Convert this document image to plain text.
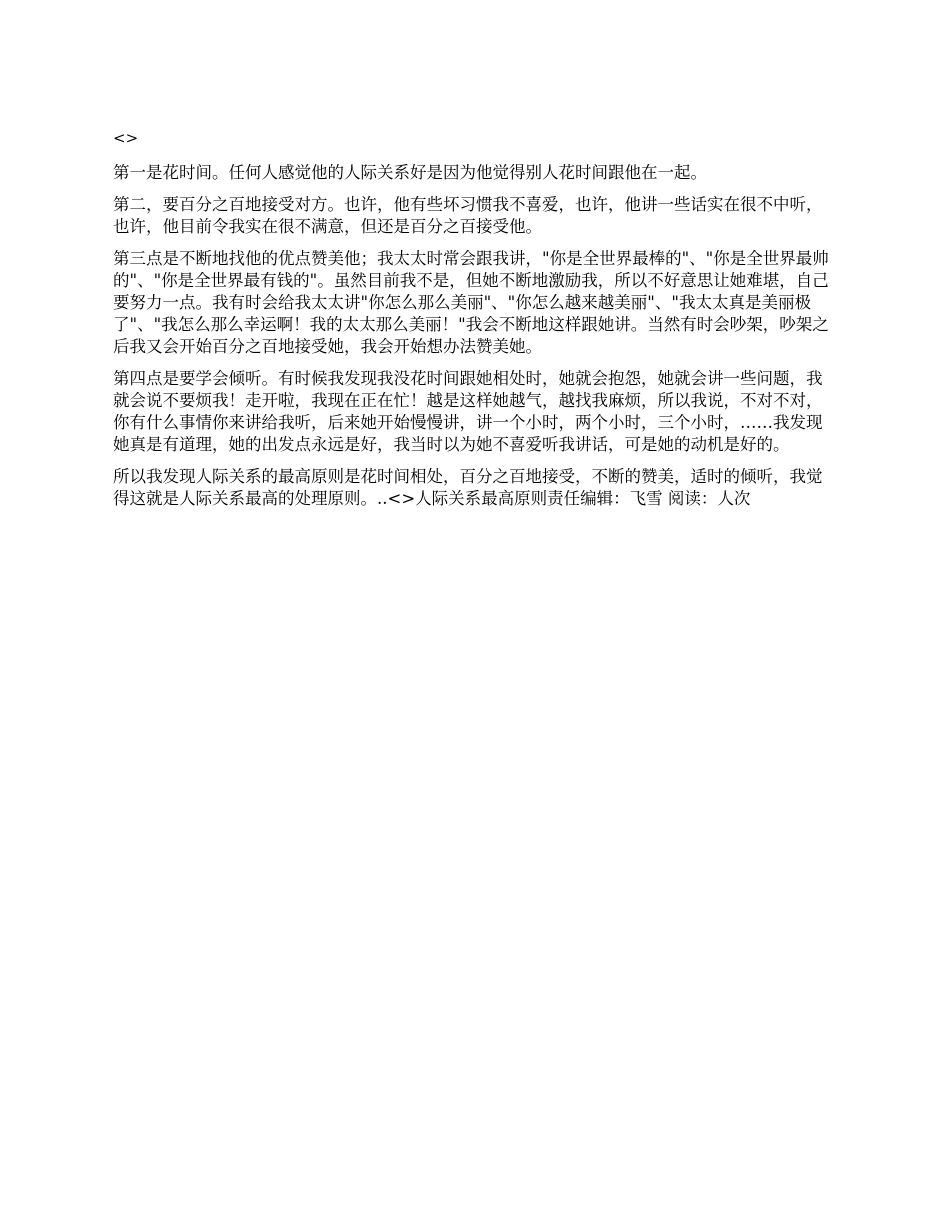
<>

第一是花时间。任何人感觉他的人际关系好是因为他觉得别人花时间跟他在一起。

第二，要百分之百地接受对方。也许，他有些坏习惯我不喜爱，也许，他讲一些话实在很不中听，也许，他目前令我实在很不满意，但还是百分之百接受他。

第三点是不断地找他的优点赞美他；我太太时常会跟我讲，"你是全世界最棒的"、"你是全世界最帅的"、"你是全世界最有钱的"。虽然目前我不是，但她不断地激励我，所以不好意思让她难堪，自己要努力一点。我有时会给我太太讲"你怎么那么美丽"、"你怎么越来越美丽"、"我太太真是美丽极了"、"我怎么那么幸运啊！我的太太那么美丽！"我会不断地这样跟她讲。当然有时会吵架，吵架之后我又会开始百分之百地接受她，我会开始想办法赞美她。

第四点是要学会倾听。有时候我发现我没花时间跟她相处时，她就会抱怨，她就会讲一些问题，我就会说不要烦我！走开啦，我现在正在忙！越是这样她越气，越找我麻烦，所以我说，不对不对，你有什么事情你来讲给我听，后来她开始慢慢讲，讲一个小时，两个小时，三个小时，……我发现她真是有道理，她的出发点永远是好，我当时以为她不喜爱听我讲话，可是她的动机是好的。

所以我发现人际关系的最高原则是花时间相处，百分之百地接受，不断的赞美，适时的倾听，我觉得这就是人际关系最高的处理原则。..<>人际关系最高原则责任编辑：飞雪 阅读：人次
